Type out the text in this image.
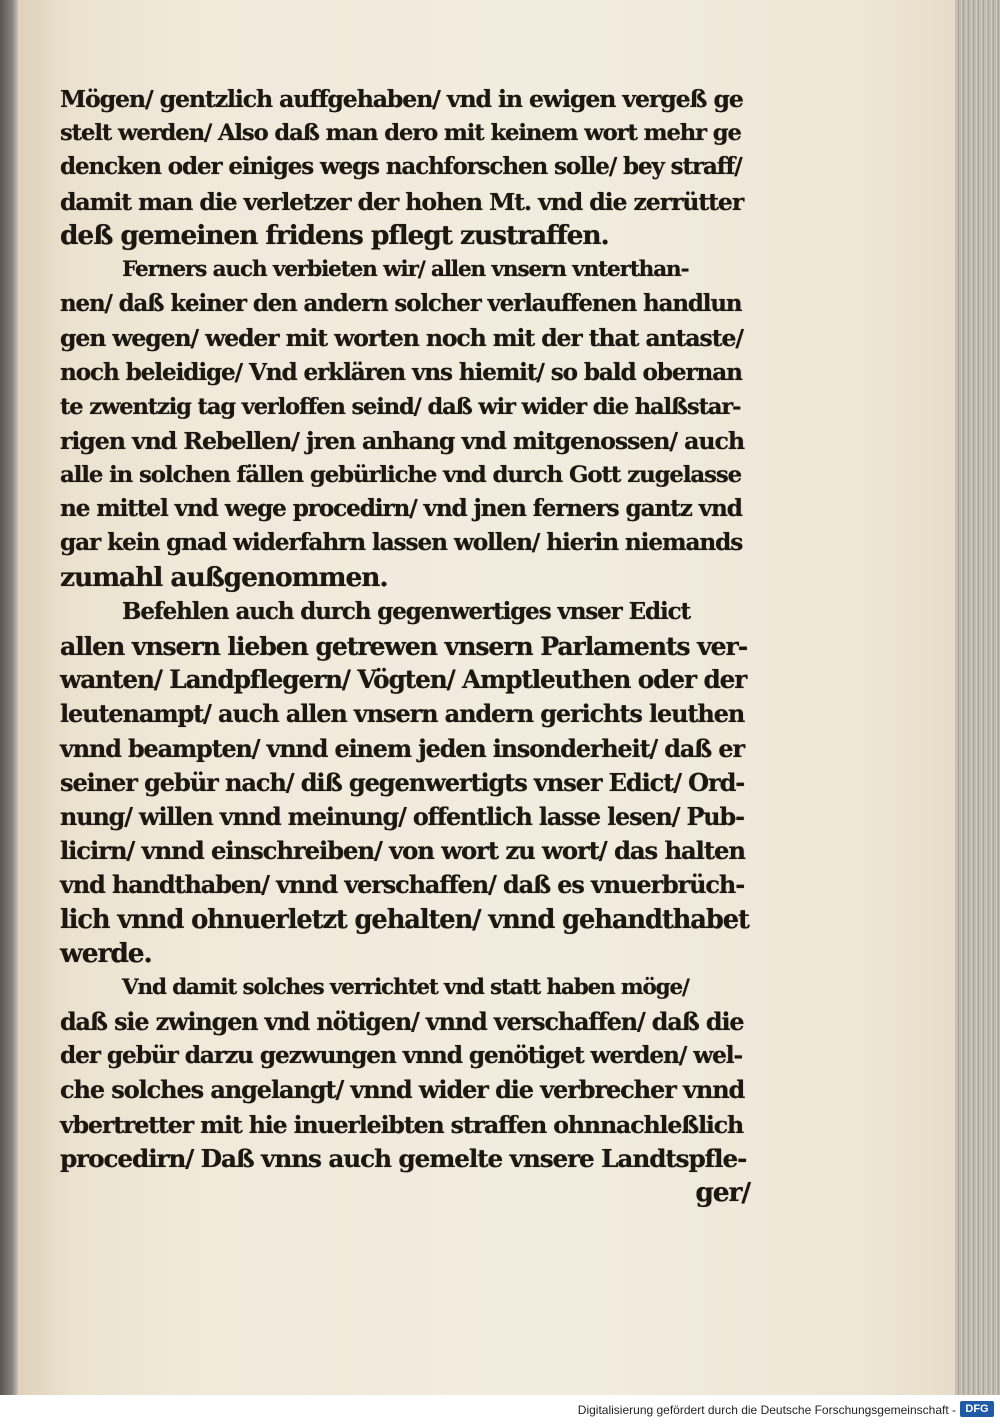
Mögen/ gentzlich auffgehaben/ vnd in ewigen vergeß ge
stelt werden/ Also daß man dero mit keinem wort mehr ge
dencken oder einiges wegs nachforschen solle/ bey straff/
damit man die verletzer der hohen Mt. vnd die zerrütter
deß gemeinen fridens pflegt zustraffen.
Ferners auch verbieten wir/ allen vnsern vnterthan-
nen/ daß keiner den andern solcher verlauffenen handlun
gen wegen/ weder mit worten noch mit der that antaste/
noch beleidige/ Vnd erklären vns hiemit/ so bald obernan
te zwentzig tag verloffen seind/ daß wir wider die halßstar-
rigen vnd Rebellen/ jren anhang vnd mitgenossen/ auch
alle in solchen fällen gebürliche vnd durch Gott zugelasse
ne mittel vnd wege procedirn/ vnd jnen ferners gantz vnd
gar kein gnad widerfahrn lassen wollen/ hierin niemands
zumahl außgenommen.
Befehlen auch durch gegenwertiges vnser Edict
allen vnsern lieben getrewen vnsern Parlaments ver-
wanten/ Landpflegern/ Vögten/ Amptleuthen oder der
leutenampt/ auch allen vnsern andern gerichts leuthen
vnnd beampten/ vnnd einem jeden insonderheit/ daß er
seiner gebür nach/ diß gegenwertigts vnser Edict/ Ord-
nung/ willen vnnd meinung/ offentlich lasse lesen/ Pub-
licirn/ vnnd einschreiben/ von wort zu wort/ das halten
vnd handthaben/ vnnd verschaffen/ daß es vnuerbrüch-
lich vnnd ohnuerletzt gehalten/ vnnd gehandthabet
werde.
Vnd damit solches verrichtet vnd statt haben möge/
daß sie zwingen vnd nötigen/ vnnd verschaffen/ daß die
der gebür darzu gezwungen vnnd genötiget werden/ wel-
che solches angelangt/ vnnd wider die verbrecher vnnd
vbertretter mit hie inuerleibten straffen ohnnachleßlich
procedirn/ Daß vnns auch gemelte vnsere Landtspfle-
ger/
Digitalisierung gefördert durch die Deutsche Forschungsgemeinschaft - DFG
